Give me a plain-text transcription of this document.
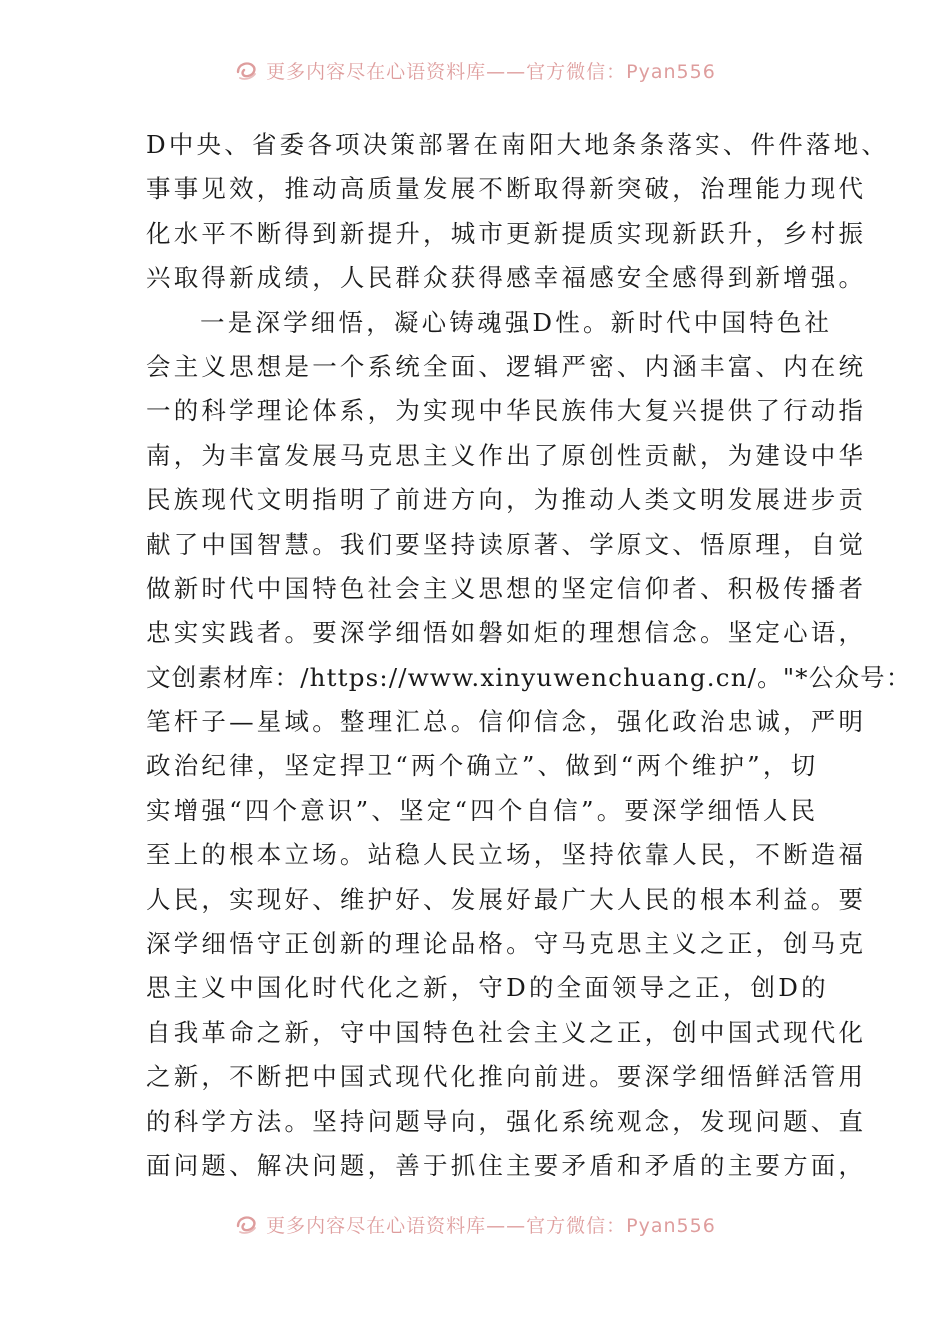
更多内容尽在心语资料库——官方微信：Pyan556
D中央、省委各项决策部署在南阳大地条条落实、件件落地、
事事见效，推动高质量发展不断取得新突破，治理能力现代
化水平不断得到新提升，城市更新提质实现新跃升，乡村振
兴取得新成绩，人民群众获得感幸福感安全感得到新增强。
一是深学细悟，凝心铸魂强D性。新时代中国特色社
会主义思想是一个系统全面、逻辑严密、内涵丰富、内在统
一的科学理论体系，为实现中华民族伟大复兴提供了行动指
南，为丰富发展马克思主义作出了原创性贡献，为建设中华
民族现代文明指明了前进方向，为推动人类文明发展进步贡
献了中国智慧。我们要坚持读原著、学原文、悟原理，自觉
做新时代中国特色社会主义思想的坚定信仰者、积极传播者
忠实实践者。要深学细悟如磐如炬的理想信念。坚定心语，
文创素材库：/https://www.xinyuwenchuang.cn/。"*公众号：
笔杆子—星域。整理汇总。信仰信念，强化政治忠诚，严明
政治纪律，坚定捍卫“两个确立”、做到“两个维护”，切
实增强“四个意识”、坚定“四个自信”。要深学细悟人民
至上的根本立场。站稳人民立场，坚持依靠人民，不断造福
人民，实现好、维护好、发展好最广大人民的根本利益。要
深学细悟守正创新的理论品格。守马克思主义之正，创马克
思主义中国化时代化之新，守D的全面领导之正，创D的
自我革命之新，守中国特色社会主义之正，创中国式现代化
之新，不断把中国式现代化推向前进。要深学细悟鲜活管用
的科学方法。坚持问题导向，强化系统观念，发现问题、直
面问题、解决问题，善于抓住主要矛盾和矛盾的主要方面，
更多内容尽在心语资料库——官方微信：Pyan556
